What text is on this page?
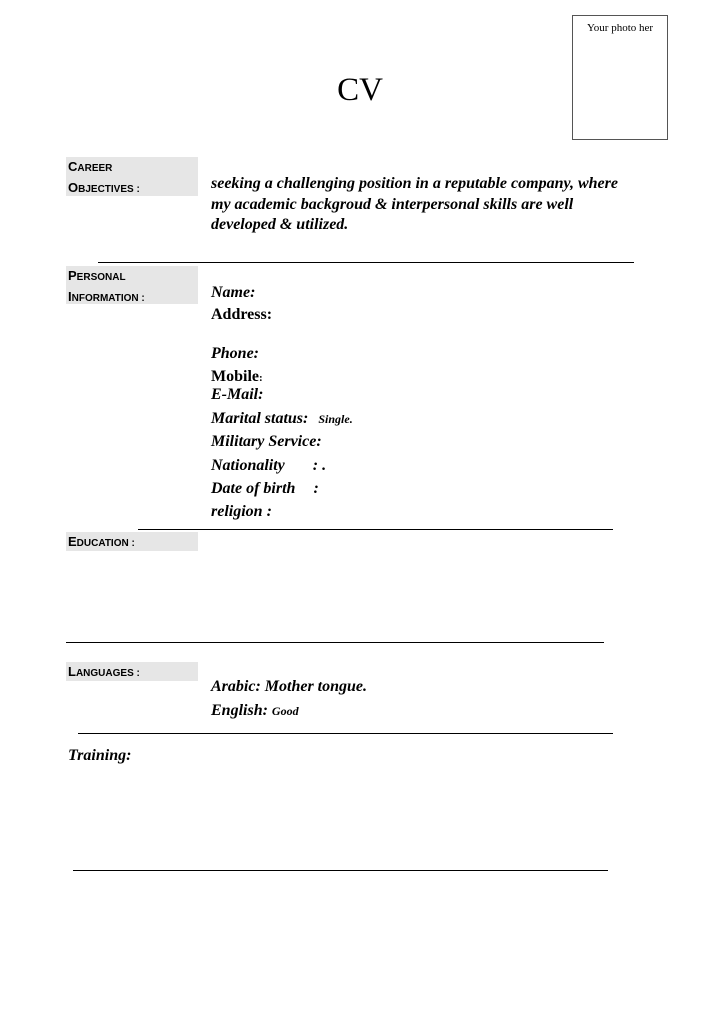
Your photo her
CV
CAREER
OBJECTIVES :	seeking a challenging position in a reputable company, where my academic backgroud & interpersonal skills are well developed & utilized.
PERSONAL
INFORMATION :	Name:
Address:
Phone:
Mobile:
E-Mail:
Marital status: Single.
Military Service:
Nationality : .
Date of birth :
religion :
EDUCATION :
LANGUAGES :
Arabic: Mother tongue.
English: Good
Training:
